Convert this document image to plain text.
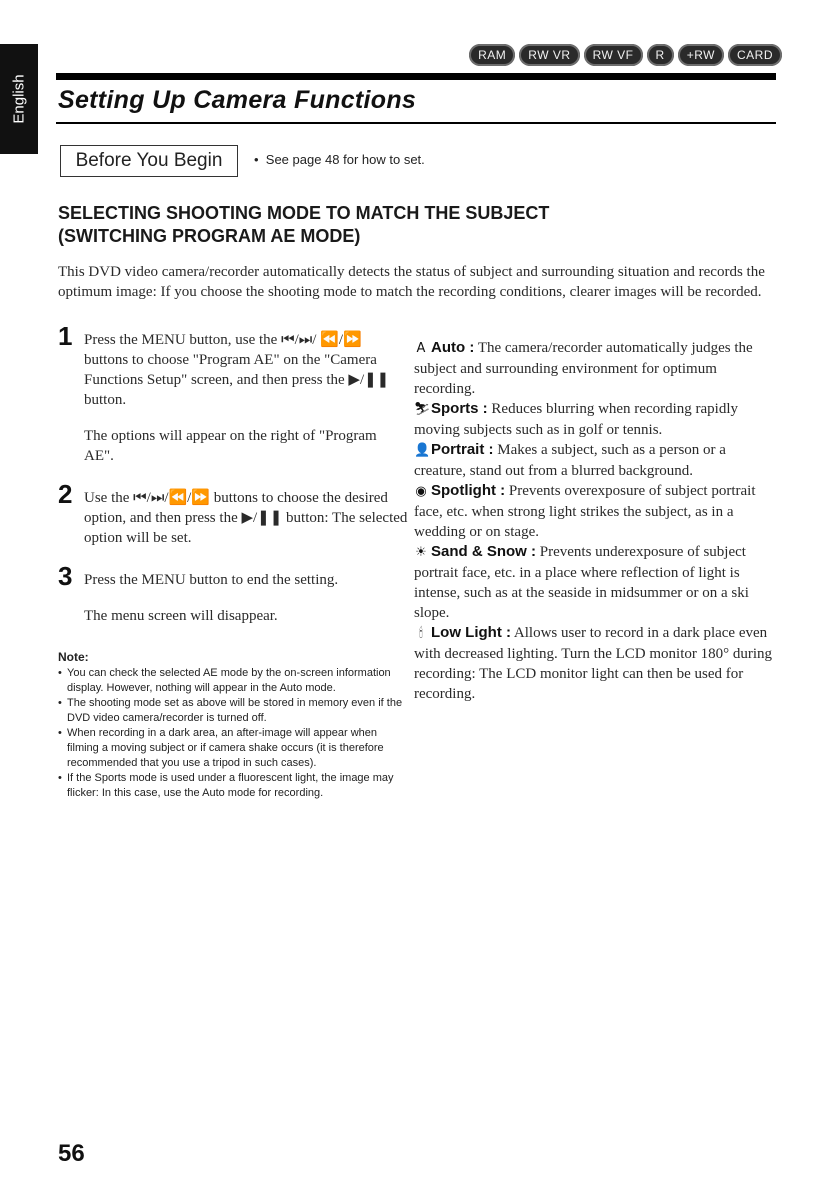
English
RAM	RW VR	RW VF	R	+RW	CARD
Setting Up Camera Functions
Before You Begin	•  See page 48 for how to set.
SELECTING SHOOTING MODE TO MATCH THE SUBJECT
(SWITCHING PROGRAM AE MODE)

This DVD video camera/recorder automatically detects the status of subject and surrounding situation and records the optimum image: If you choose the shooting mode to match the recording conditions, clearer images will be recorded.

1 Press the MENU button, use the ⏮/⏭/ ⏪/⏩ buttons to choose "Program AE" on the "Camera Functions Setup" screen, and then press the ▶/❚❚ button.

The options will appear on the right of "Program AE".

2 Use the ⏮/⏭/⏪/⏩ buttons to choose the desired option, and then press the ▶/❚❚ button: The selected option will be set.

3 Press the MENU button to end the setting.

The menu screen will disappear.

Note:

• You can check the selected AE mode by the on-screen information display. However, nothing will appear in the Auto mode.
• The shooting mode set as above will be stored in memory even if the DVD video camera/recorder is turned off.
• When recording in a dark area, an after-image will appear when filming a moving subject or if camera shake occurs (it is therefore recommended that you use a tripod in such cases).
• If the Sports mode is used under a fluorescent light, the image may flicker: In this case, use the Auto mode for recording.

A Auto : The camera/recorder automatically judges the subject and surrounding environment for optimum recording.

⛷Sports : Reduces blurring when recording rapidly moving subjects such as in golf or tennis.

👤Portrait : Makes a subject, such as a person or a creature, stand out from a blurred background.

◉ Spotlight : Prevents overexposure of subject portrait face, etc. when strong light strikes the subject, as in a wedding or on stage.

☀ Sand & Snow : Prevents underexposure of subject portrait face, etc. in a place where reflection of light is intense, such as at the seaside in midsummer or on a ski slope.

🕯 Low Light : Allows user to record in a dark place even with decreased lighting. Turn the LCD monitor 180° during recording: The LCD monitor light can then be used for recording.

56
